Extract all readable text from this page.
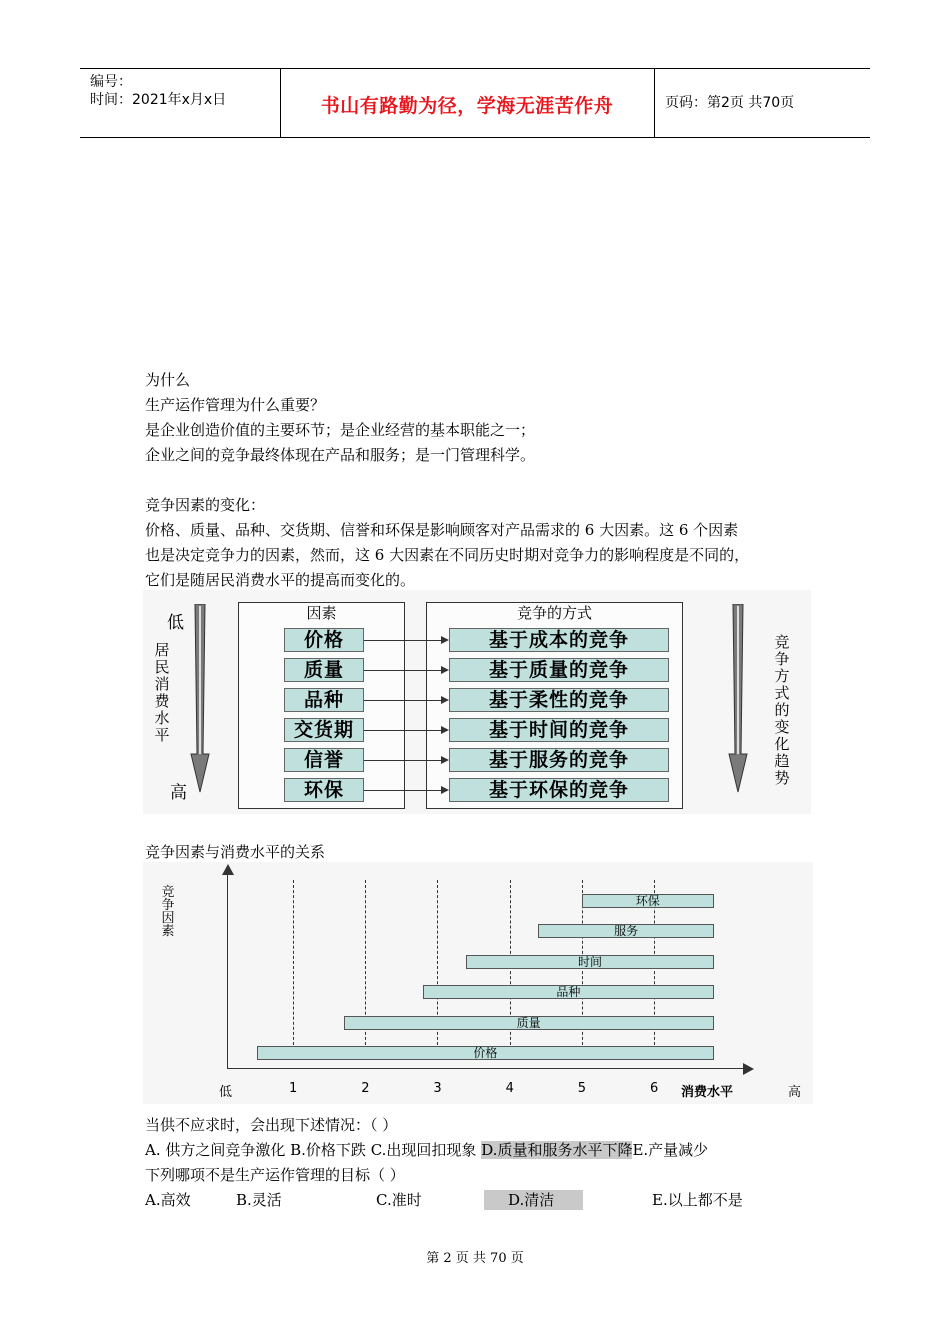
编号：
时间：2021年x月x日	书山有路勤为径，学海无涯苦作舟	页码：第2页 共70页
为什么
生产运作管理为什么重要？
是企业创造价值的主要环节；是企业经营的基本职能之一；
企业之间的竞争最终体现在产品和服务；是一门管理科学。
竞争因素的变化：
价格、质量、品种、交货期、信誉和环保是影响顾客对产品需求的 6 大因素。这 6 个因素
也是决定竞争力的因素，然而，这 6 大因素在不同历史时期对竞争力的影响程度是不同的，
它们是随居民消费水平的提高而变化的。
低
居
民
消
费
水
平
高
因素	竞争的方式
价格	基于成本的竞争
质量	基于质量的竞争
品种	基于柔性的竞争
交货期	基于时间的竞争
信誉	基于服务的竞争
环保	基于环保的竞争
竞
争
方
式
的
变
化
趋
势
竞争因素与消费水平的关系
竞
争
因
素
低	消费水平	高
1	2	3	4	5	6
价格
质量
品种
时间
服务
环保
当供不应求时，会出现下述情况：（ ）
A. 供方之间竞争激化 B.价格下跌 C.出现回扣现象 D.质量和服务水平下降E.产量减少
下列哪项不是生产运作管理的目标（ ）
A.高效	B.灵活	C.准时	D.清洁	E.以上都不是
第 2 页 共 70 页
